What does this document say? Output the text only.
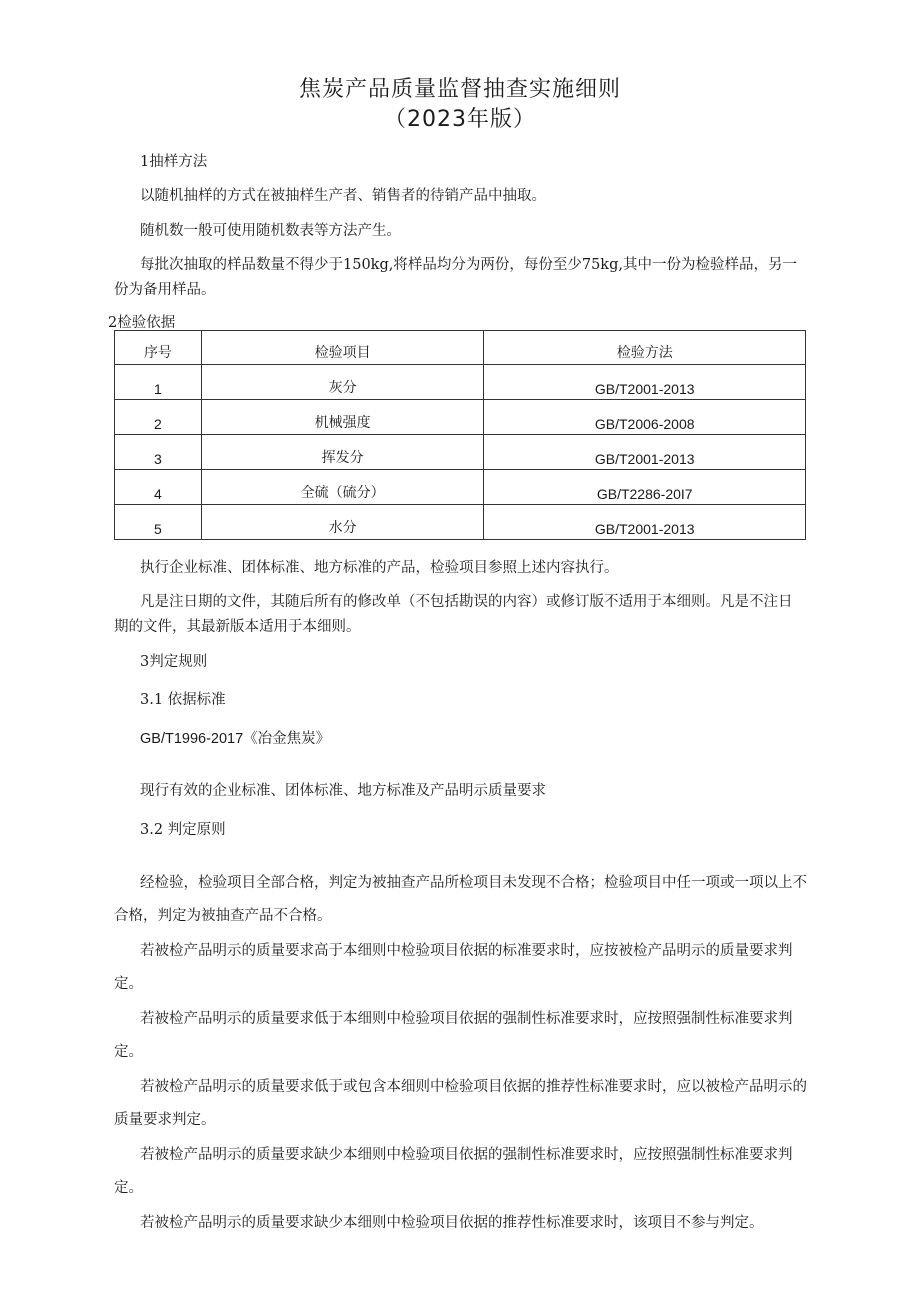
焦炭产品质量监督抽查实施细则
（2023年版）
1抽样方法
以随机抽样的方式在被抽样生产者、销售者的待销产品中抽取。
随机数一般可使用随机数表等方法产生。
每批次抽取的样品数量不得少于150kg,将样品均分为两份，每份至少75kg,其中一份为检验样品，另一份为备用样品。
2检验依据
序号	检验项目	检验方法
1	灰分	GB/T2001-2013
2	机械强度	GB/T2006-2008
3	挥发分	GB/T2001-2013
4	全硫（硫分）	GB/T2286-20I7
5	水分	GB/T2001-2013
执行企业标准、团体标准、地方标准的产品，检验项目参照上述内容执行。
凡是注日期的文件，其随后所有的修改单（不包括勘误的内容）或修订版不适用于本细则。凡是不注日期的文件，其最新版本适用于本细则。
3判定规则
3.1 依据标准
GB/T1996-2017《冶金焦炭》
现行有效的企业标准、团体标准、地方标准及产品明示质量要求
3.2 判定原则
经检验，检验项目全部合格，判定为被抽查产品所检项目未发现不合格；检验项目中任一项或一项以上不合格，判定为被抽查产品不合格。
若被检产品明示的质量要求高于本细则中检验项目依据的标准要求时，应按被检产品明示的质量要求判定。
若被检产品明示的质量要求低于本细则中检验项目依据的强制性标准要求时，应按照强制性标准要求判定。
若被检产品明示的质量要求低于或包含本细则中检验项目依据的推荐性标准要求时，应以被检产品明示的质量要求判定。
若被检产品明示的质量要求缺少本细则中检验项目依据的强制性标准要求时，应按照强制性标准要求判定。
若被检产品明示的质量要求缺少本细则中检验项目依据的推荐性标准要求时，该项目不参与判定。
